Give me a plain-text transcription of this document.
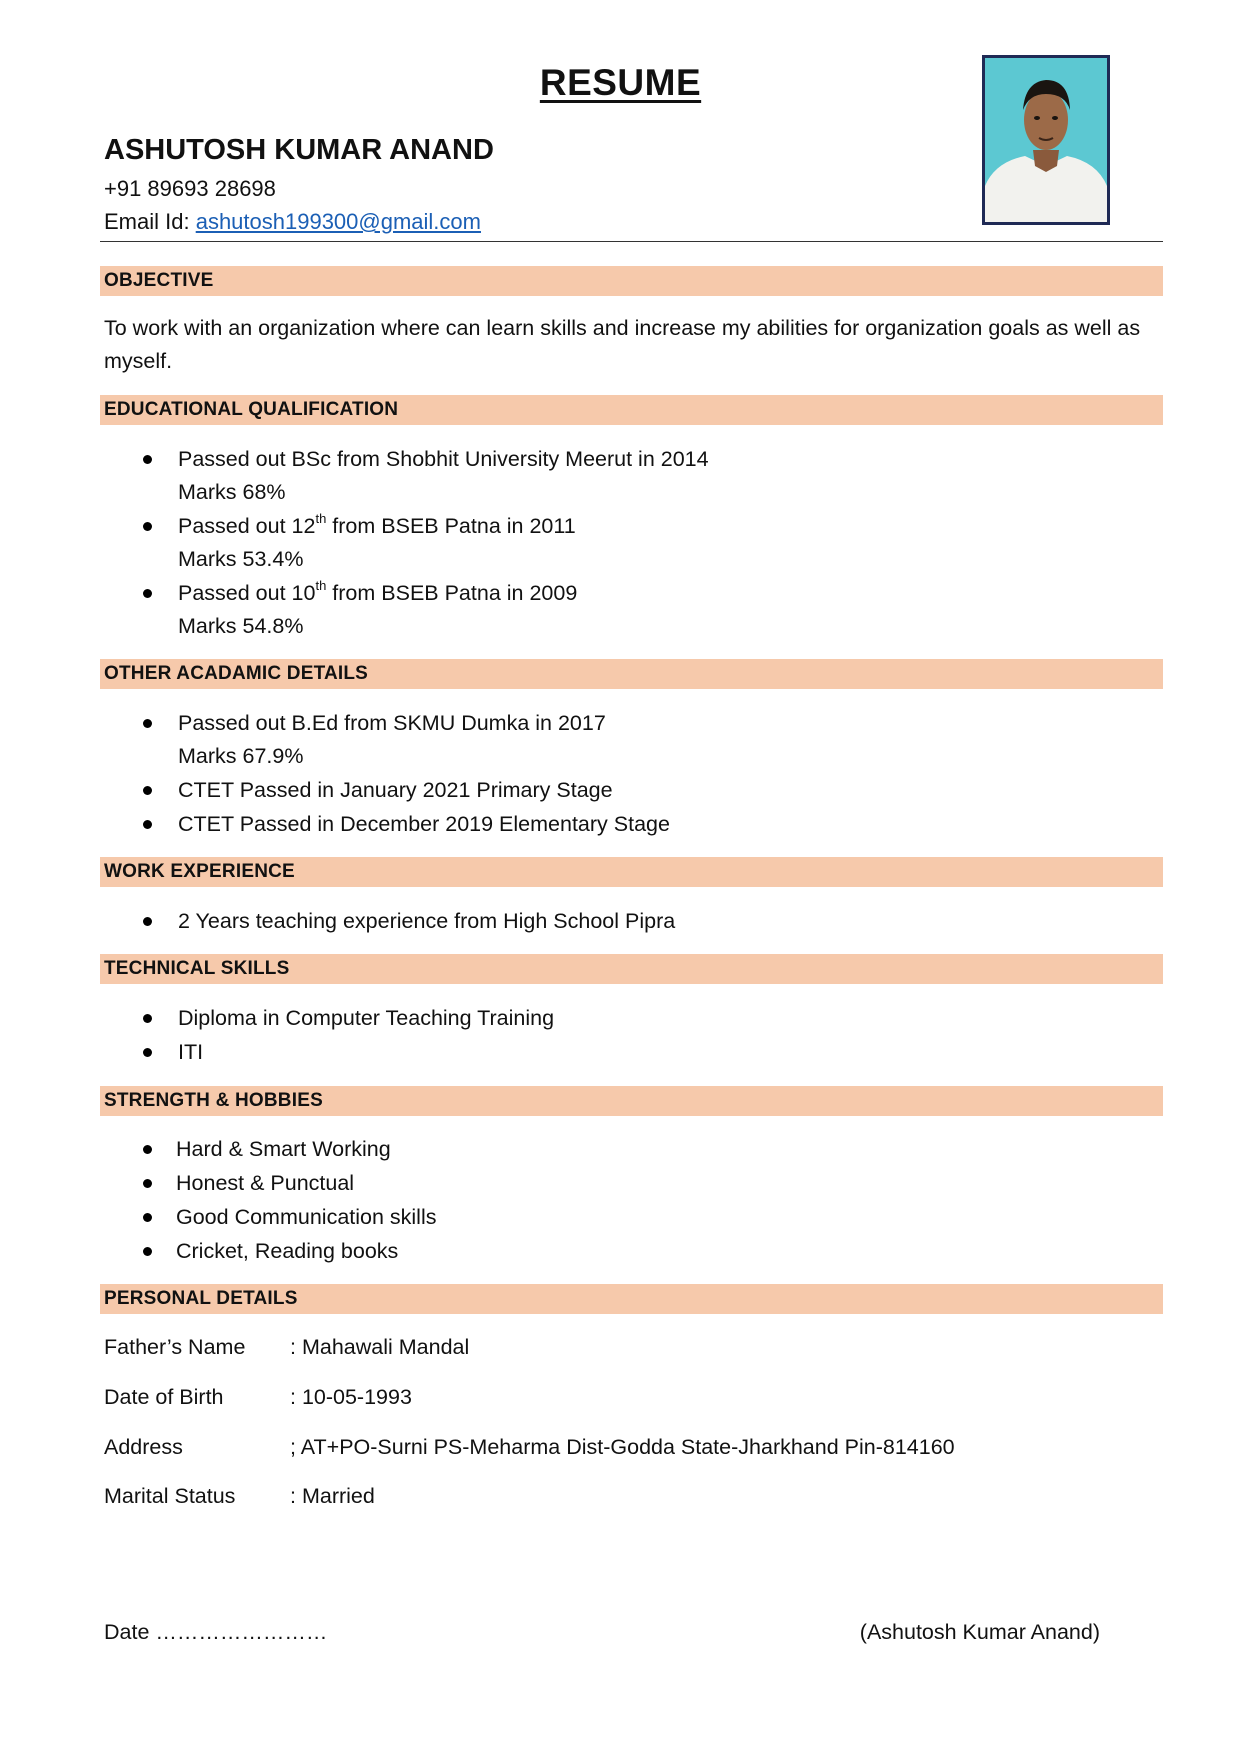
RESUME
ASHUTOSH KUMAR ANAND
+91 89693 28698
Email Id: ashutosh199300@gmail.com
OBJECTIVE
To work with an organization where can learn skills and increase my abilities for organization goals as well as myself.
EDUCATIONAL QUALIFICATION
Passed out BSc from Shobhit University Meerut in 2014
Marks 68%
Passed out 12th from BSEB Patna in 2011
Marks 53.4%
Passed out 10th from BSEB Patna in 2009
Marks 54.8%
OTHER ACADAMIC DETAILS
Passed out B.Ed from SKMU Dumka in 2017
Marks 67.9%
CTET Passed in January 2021 Primary Stage
CTET Passed in December 2019 Elementary Stage
WORK EXPERIENCE
2 Years teaching experience from High School Pipra
TECHNICAL SKILLS
Diploma in Computer Teaching Training
ITI
STRENGTH & HOBBIES
Hard & Smart Working
Honest & Punctual
Good Communication skills
Cricket, Reading books
PERSONAL DETAILS
Father’s Name : Mahawali Mandal
Date of Birth	: 10-05-1993
Address	; AT+PO-Surni PS-Meharma Dist-Godda State-Jharkhand Pin-814160
Marital Status	: Married
Date ……………………	(Ashutosh Kumar Anand)
